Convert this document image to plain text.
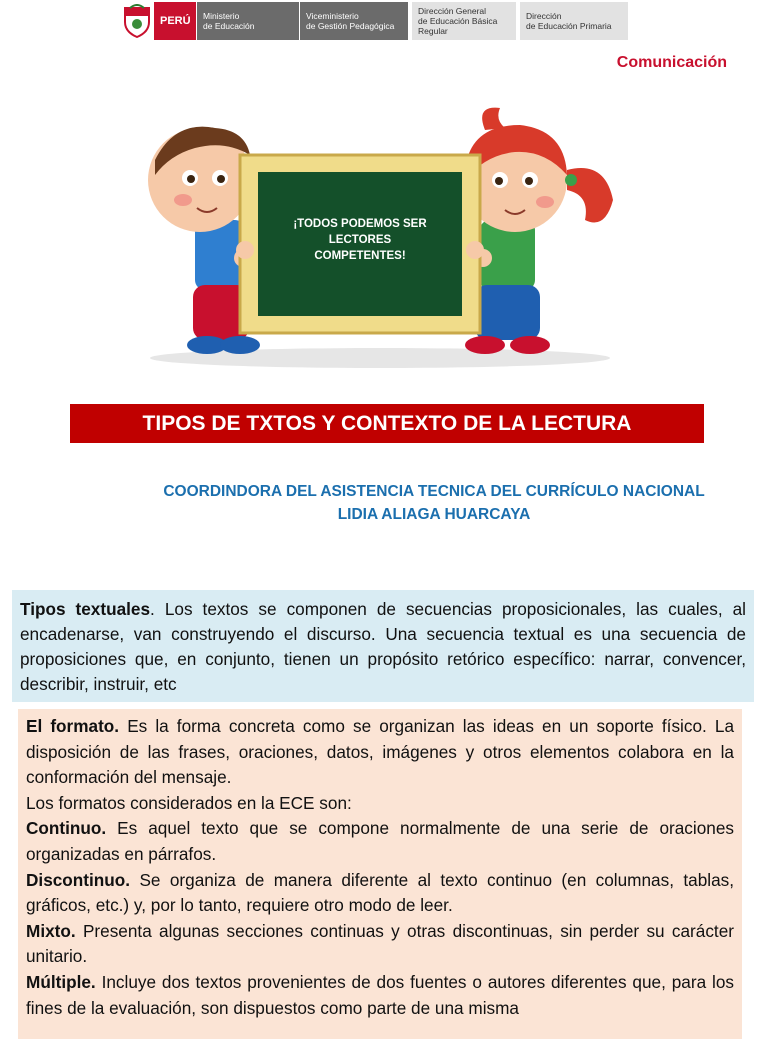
PERÚ Ministerio
de Educación
Viceministerio
de Gestión Pedagógica
Dirección General
de Educación Básica
Regular
Dirección
de Educación Primaria
Comunicación
¡TODOS PODEMOS SER LECTORES
COMPETENTES!
TIPOS DE TXTOS Y CONTEXTO DE LA LECTURA
COORDINDORA DEL ASISTENCIA TECNICA DEL CURRÍCULO NACIONAL
LIDIA ALIAGA HUARCAYA
Tipos textuales. Los textos se componen de secuencias proposicionales, las cuales, al encadenarse, van construyendo el discurso. Una secuencia textual es una secuencia de proposiciones que, en conjunto, tienen un propósito retórico específico: narrar, convencer, describir, instruir, etc

El formato. Es la forma concreta como se organizan las ideas en un soporte físico. La disposición de las frases, oraciones, datos, imágenes y otros elementos colabora en la conformación del mensaje.

Los formatos considerados en la ECE son:

Continuo. Es aquel texto que se compone normalmente de una serie de oraciones organizadas en párrafos.

Discontinuo. Se organiza de manera diferente al texto continuo (en columnas, tablas, gráficos, etc.) y, por lo tanto, requiere otro modo de leer.

Mixto. Presenta algunas secciones continuas y otras discontinuas, sin perder su carácter unitario.

Múltiple. Incluye dos textos provenientes de dos fuentes o autores diferentes que, para los fines de la evaluación, son dispuestos como parte de una misma
